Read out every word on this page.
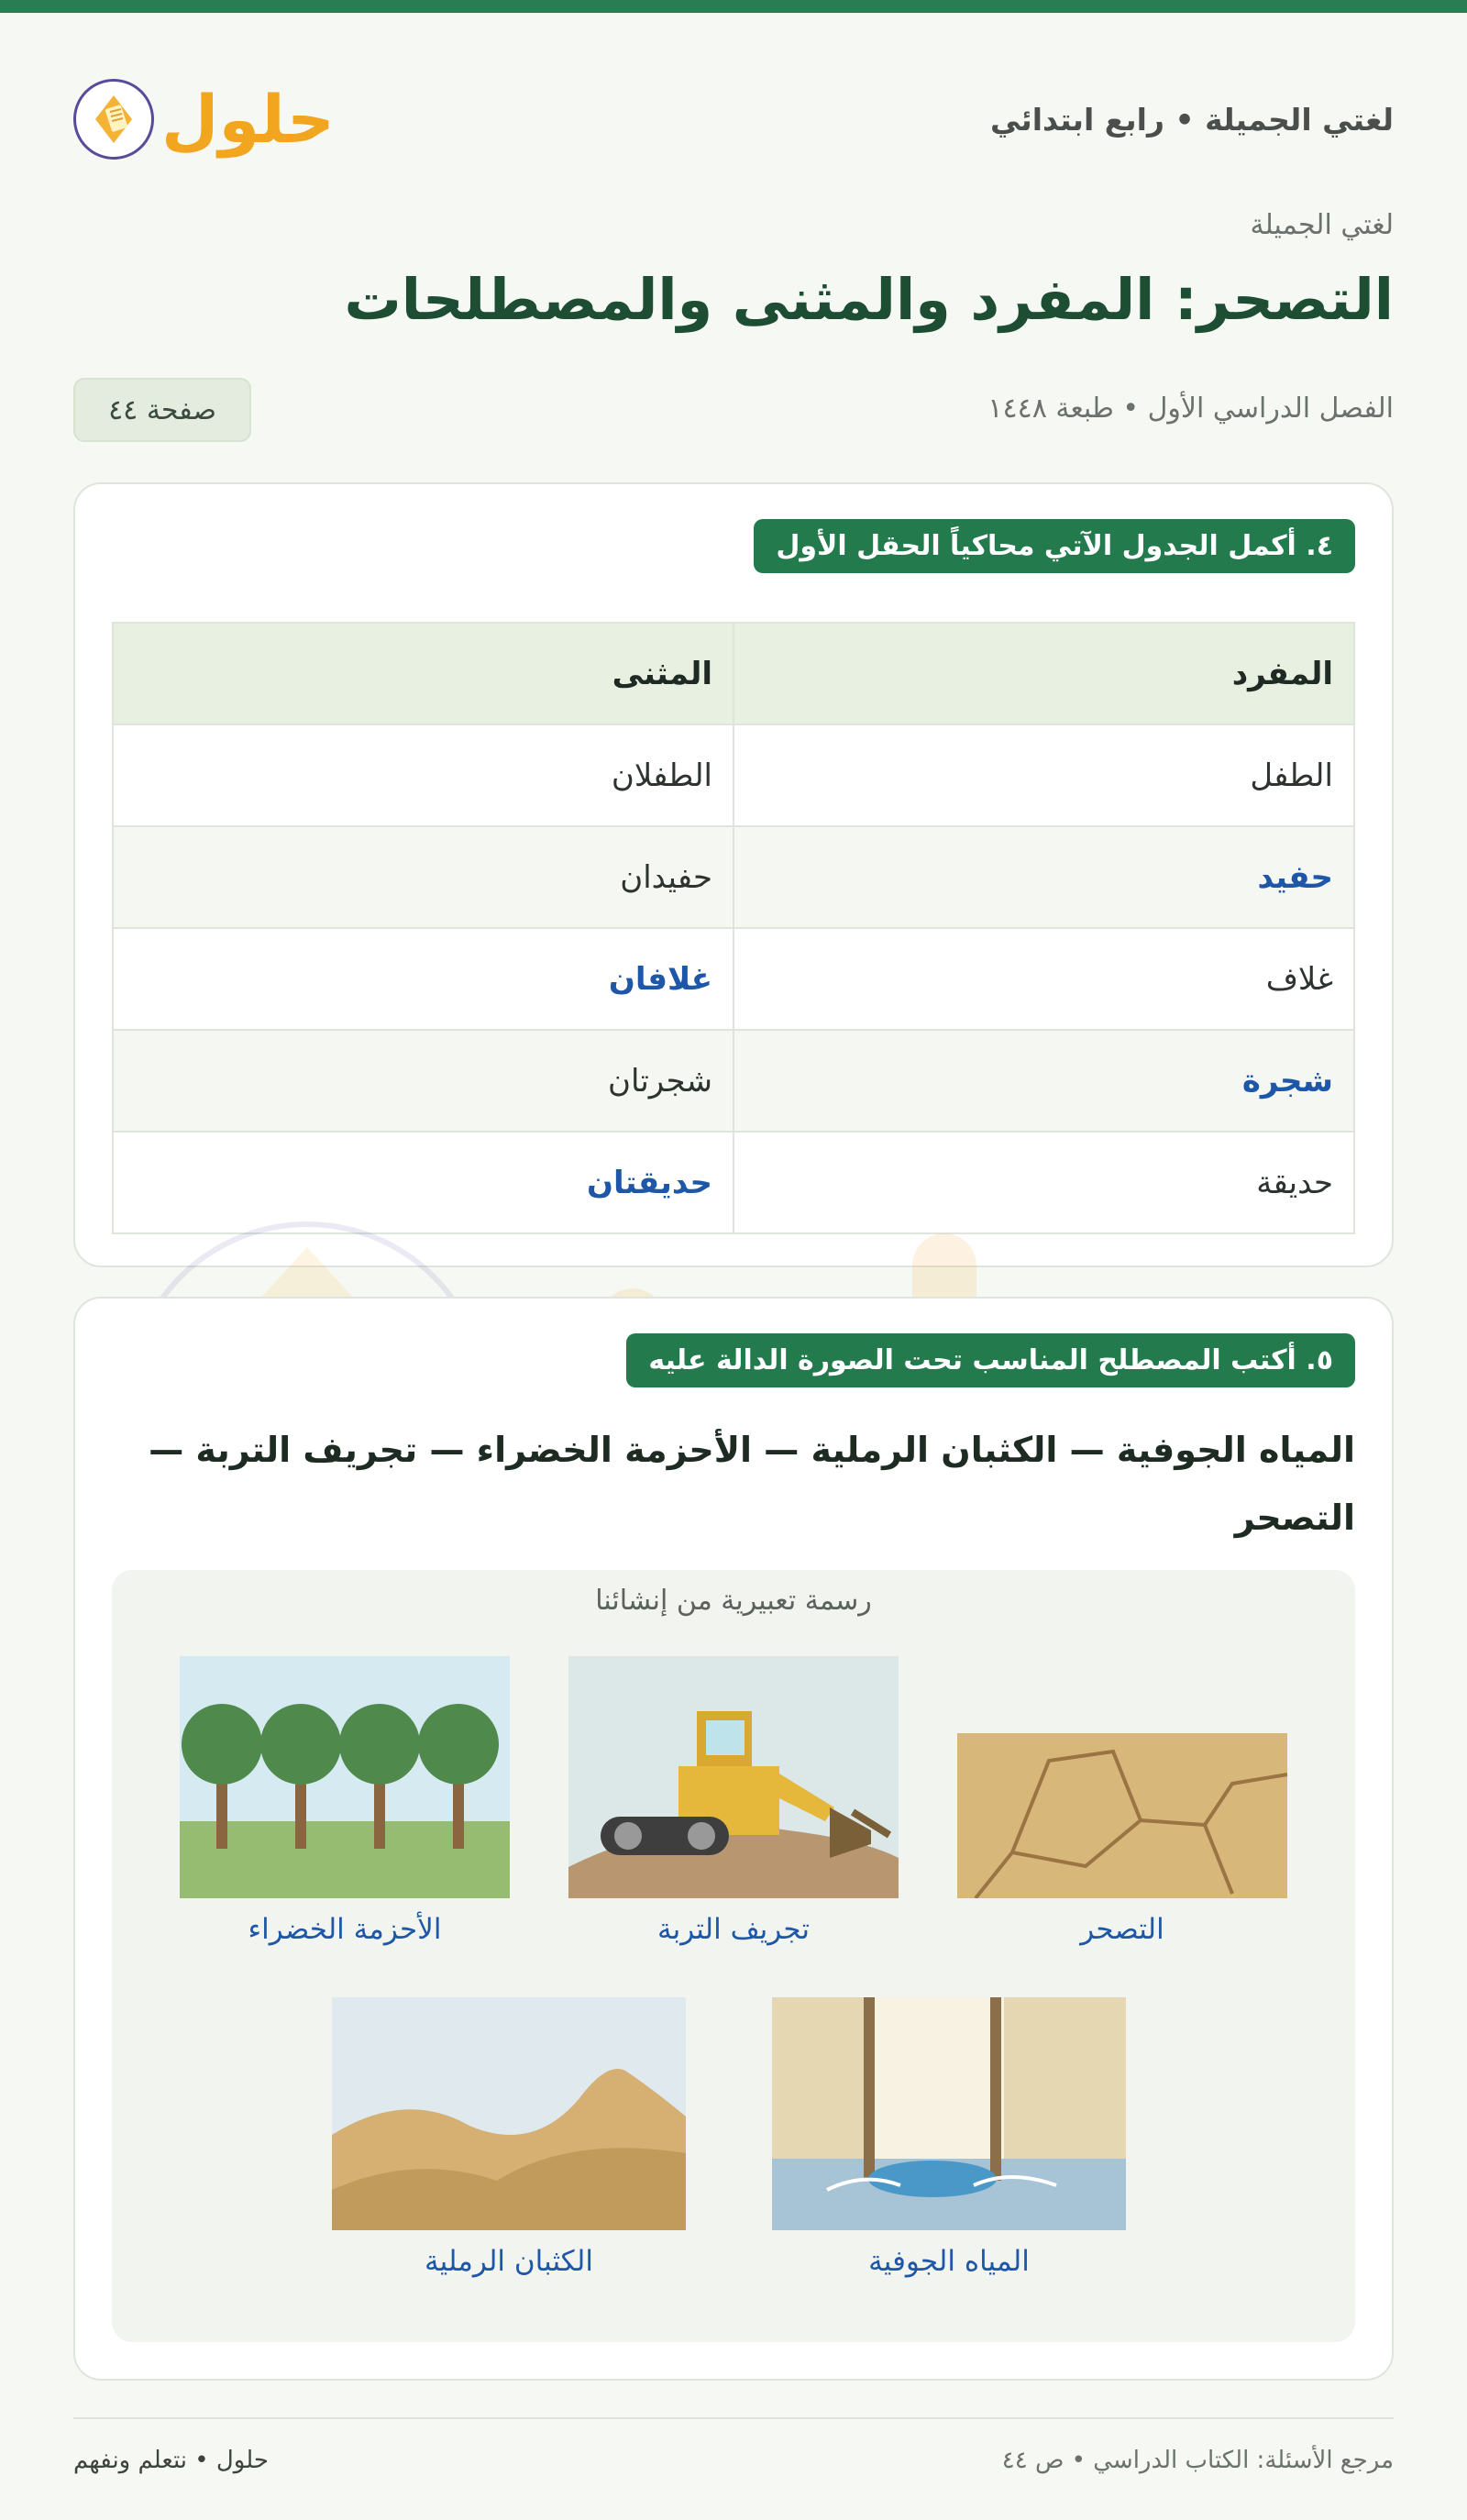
لغتي الجميلة • رابع ابتدائي
حلول
لغتي الجميلة
التصحر: المفرد والمثنى والمصطلحات
الفصل الدراسي الأول • طبعة ١٤٤٨
صفحة ٤٤
٤. أكمل الجدول الآتي محاكياً الحقل الأول
المفرد	المثنى
الطفل	الطفلان
حفيد	حفيدان
غلاف	غلافان
شجرة	شجرتان
حديقة	حديقتان
٥. أكتب المصطلح المناسب تحت الصورة الدالة عليه
المياه الجوفية — الكثبان الرملية — الأحزمة الخضراء — تجريف التربة — التصحر
رسمة تعبيرية من إنشائنا
التصحر
تجريف التربة
الأحزمة الخضراء
المياه الجوفية
الكثبان الرملية
مرجع الأسئلة: الكتاب الدراسي • ص ٤٤
حلول • نتعلم ونفهم
